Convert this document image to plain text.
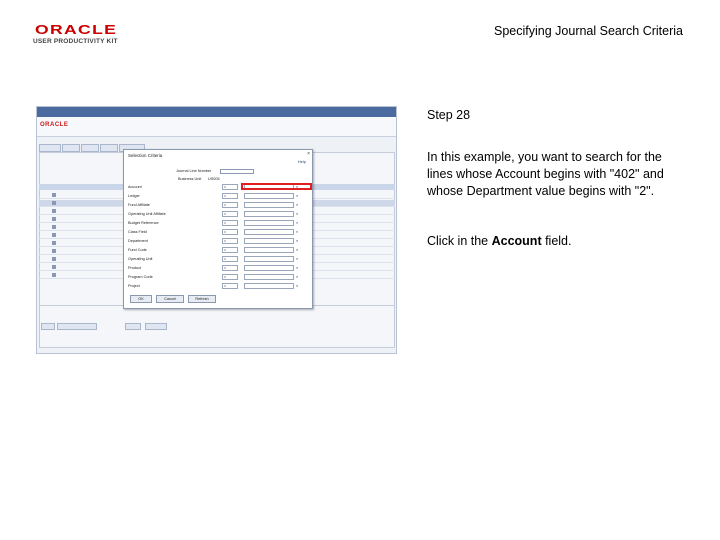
ORACLE
USER PRODUCTIVITY KIT
Specifying Journal Search Criteria
Step 28
In this example, you want to search for the lines whose Account begins with "402" and whose Department value begins with "2".
Click in the Account field.
ORACLE
Selection Criteria	×
Help
Journal Line Number
Business Unit US005
Account	=	⌕
Ledger	=	⌕
Fund Affiliate	=	⌕
Operating Unit Affiliate	=	⌕
Budget Reference	=	⌕
Class Field	=	⌕
Department	=	⌕
Fund Code	=	⌕
Operating Unit	=	⌕
Product	=	⌕
Program Code	=	⌕
Project	=	⌕
OK	Cancel	Refresh
